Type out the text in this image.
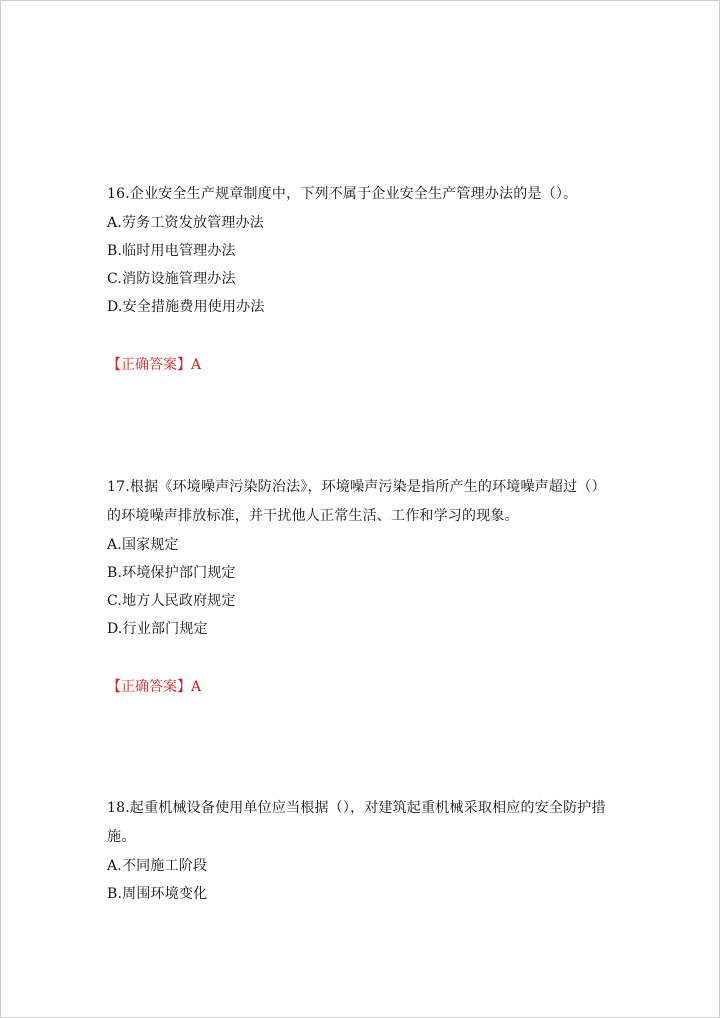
16.企业安全生产规章制度中，下列不属于企业安全生产管理办法的是（）。

A.劳务工资发放管理办法

B.临时用电管理办法

C.消防设施管理办法

D.安全措施费用使用办法

【正确答案】A

17.根据《环境噪声污染防治法》，环境噪声污染是指所产生的环境噪声超过（）

的环境噪声排放标准，并干扰他人正常生活、工作和学习的现象。

A.国家规定

B.环境保护部门规定

C.地方人民政府规定

D.行业部门规定

【正确答案】A

18.起重机械设备使用单位应当根据（），对建筑起重机械采取相应的安全防护措

施。

A.不同施工阶段

B.周围环境变化
